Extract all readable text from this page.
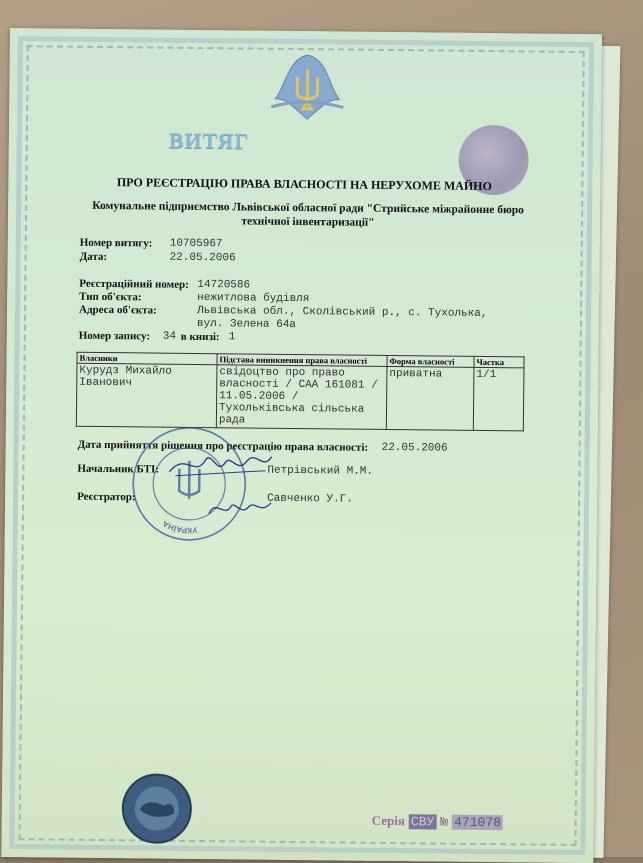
ВИТЯГ
ПРО РЕЄСТРАЦІЮ ПРАВА ВЛАСНОСТІ НА НЕРУХОМЕ МАЙНО
Комунальне підприємство Львівської обласної ради "Стрийське міжрайонне бюро технічної інвентаризації"
Номер витягу: 10705967
Дата:	22.05.2006
Реєстраційний номер: 14720586
Тип об'єкта:	нежитлова будівля
Адреса об'єкта:	Львівська обл., Сколівський р., с. Тухолька,
вул. Зелена 64а
Номер запису: 34 в книзі: 1
Власники	Підстава виникнення права власності	Форма власності	Частка
Курудз Михайло Іванович	свідоцтво про право власності / САА 161081 / 11.05.2006 / Тухольківська сільська рада	приватна	1/1
Дата прийняття рішення про реєстрацію права власності: 22.05.2006
УКРАЇНА
Начальник БТІ:	Петрівський М.М.
Реєстратор:	Савченко У.Г.
Серія СВУ № 471078
